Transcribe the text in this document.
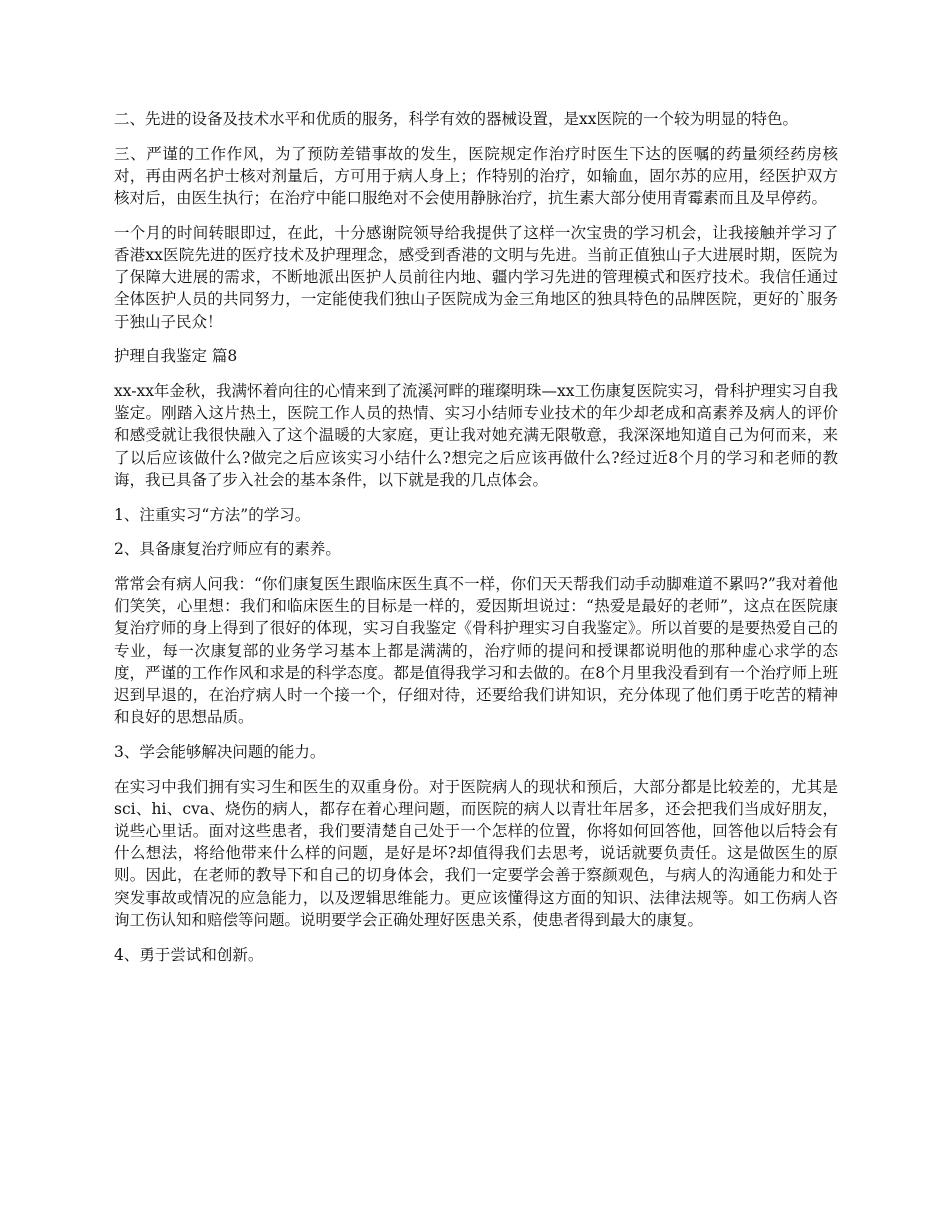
二、先进的设备及技术水平和优质的服务，科学有效的器械设置，是xx医院的一个较为明显的特色。

三、严谨的工作作风，为了预防差错事故的发生，医院规定作治疗时医生下达的医嘱的药量须经药房核对，再由两名护士核对剂量后，方可用于病人身上；作特别的治疗，如输血，固尔苏的应用，经医护双方核对后，由医生执行；在治疗中能口服绝对不会使用静脉治疗，抗生素大部分使用青霉素而且及早停药。

一个月的时间转眼即过，在此，十分感谢院领导给我提供了这样一次宝贵的学习机会，让我接触并学习了香港xx医院先进的医疗技术及护理理念，感受到香港的文明与先进。当前正值独山子大进展时期，医院为了保障大进展的需求，不断地派出医护人员前往内地、疆内学习先进的管理模式和医疗技术。我信任通过全体医护人员的共同努力，一定能使我们独山子医院成为金三角地区的独具特色的品牌医院，更好的`服务于独山子民众！

护理自我鉴定 篇8

xx-xx年金秋，我满怀着向往的心情来到了流溪河畔的璀璨明珠—xx工伤康复医院实习，骨科护理实习自我鉴定。刚踏入这片热土，医院工作人员的热情、实习小结师专业技术的年少却老成和高素养及病人的评价和感受就让我很快融入了这个温暖的大家庭，更让我对她充满无限敬意，我深深地知道自己为何而来，来了以后应该做什么?做完之后应该实习小结什么?想完之后应该再做什么?经过近8个月的学习和老师的教诲，我已具备了步入社会的基本条件，以下就是我的几点体会。

1、注重实习“方法”的学习。

2、具备康复治疗师应有的素养。

常常会有病人问我：“你们康复医生跟临床医生真不一样，你们天天帮我们动手动脚难道不累吗?”我对着他们笑笑，心里想：我们和临床医生的目标是一样的，爱因斯坦说过：“热爱是最好的老师”，这点在医院康复治疗师的身上得到了很好的体现，实习自我鉴定《骨科护理实习自我鉴定》。所以首要的是要热爱自己的专业，每一次康复部的业务学习基本上都是满满的，治疗师的提问和授课都说明他的那种虚心求学的态度，严谨的工作作风和求是的科学态度。都是值得我学习和去做的。在8个月里我没看到有一个治疗师上班迟到早退的，在治疗病人时一个接一个，仔细对待，还要给我们讲知识，充分体现了他们勇于吃苦的精神和良好的思想品质。

3、学会能够解决问题的能力。

在实习中我们拥有实习生和医生的双重身份。对于医院病人的现状和预后，大部分都是比较差的，尤其是sci、hi、cva、烧伤的病人，都存在着心理问题，而医院的病人以青壮年居多，还会把我们当成好朋友，说些心里话。面对这些患者，我们要清楚自己处于一个怎样的位置，你将如何回答他，回答他以后特会有什么想法，将给他带来什么样的问题，是好是坏?却值得我们去思考，说话就要负责任。这是做医生的原则。因此，在老师的教导下和自己的切身体会，我们一定要学会善于察颜观色，与病人的沟通能力和处于突发事故或情况的应急能力，以及逻辑思维能力。更应该懂得这方面的知识、法律法规等。如工伤病人咨询工伤认知和赔偿等问题。说明要学会正确处理好医患关系，使患者得到最大的康复。

4、勇于尝试和创新。
